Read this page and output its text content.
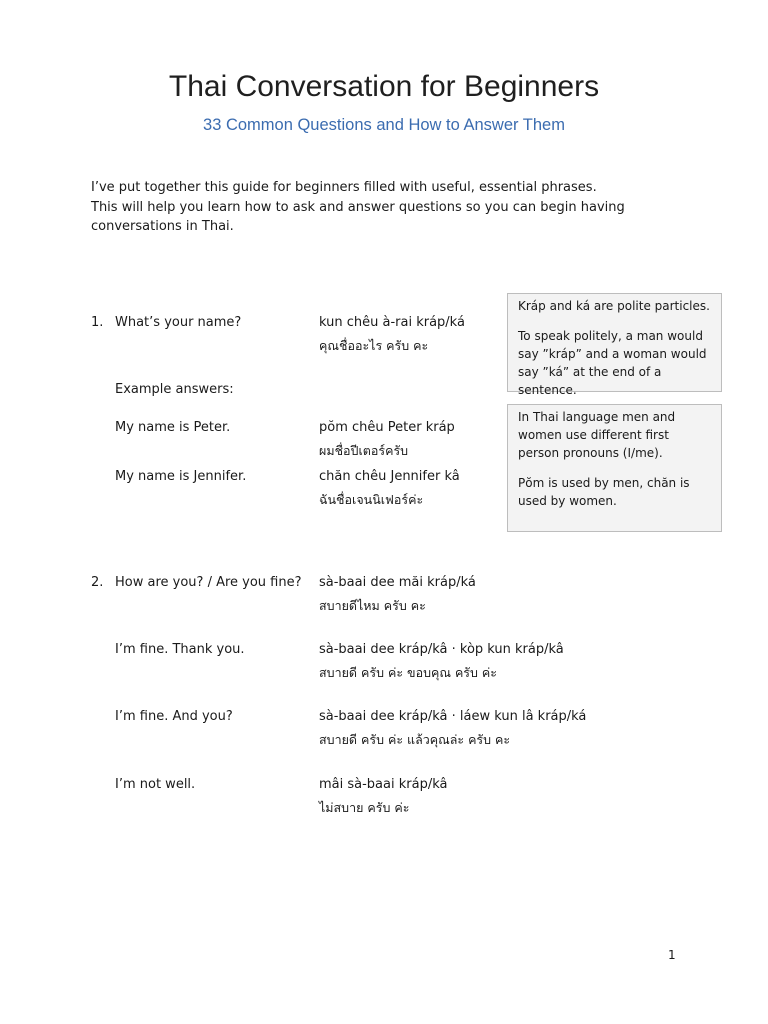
Thai Conversation for Beginners
33 Common Questions and How to Answer Them

I’ve put together this guide for beginners filled with useful, essential phrases.

This will help you learn how to ask and answer questions so you can begin having conversations in Thai.

1. What’s your name?	kun chêu à-rai kráp/ká
คุณชื่ออะไร ครับ คะ
Example answers:
My name is Peter.	pŏm chêu Peter kráp
ผมชื่อปีเตอร์ครับ
My name is Jennifer.	chăn chêu Jennifer kâ
ฉันชื่อเจนนิเฟอร์ค่ะ
2. How are you? / Are you fine? sà-baai dee măi kráp/ká
สบายดีไหม ครับ คะ
I’m fine. Thank you.	sà-baai dee kráp/kâ · kòp kun kráp/kâ
สบายดี ครับ ค่ะ ขอบคุณ ครับ ค่ะ
I’m fine. And you?	sà-baai dee kráp/kâ · láew kun lâ kráp/ká
สบายดี ครับ ค่ะ แล้วคุณล่ะ ครับ คะ
I’m not well.	mâi sà-baai kráp/kâ
ไม่สบาย ครับ ค่ะ

Kráp and ká are polite particles.

To speak politely, a man would say ”kráp” and a woman would say ”ká” at the end of a sentence.

In Thai language men and women use different first person pronouns (I/me).

Pŏm is used by men, chăn is used by women.

1
